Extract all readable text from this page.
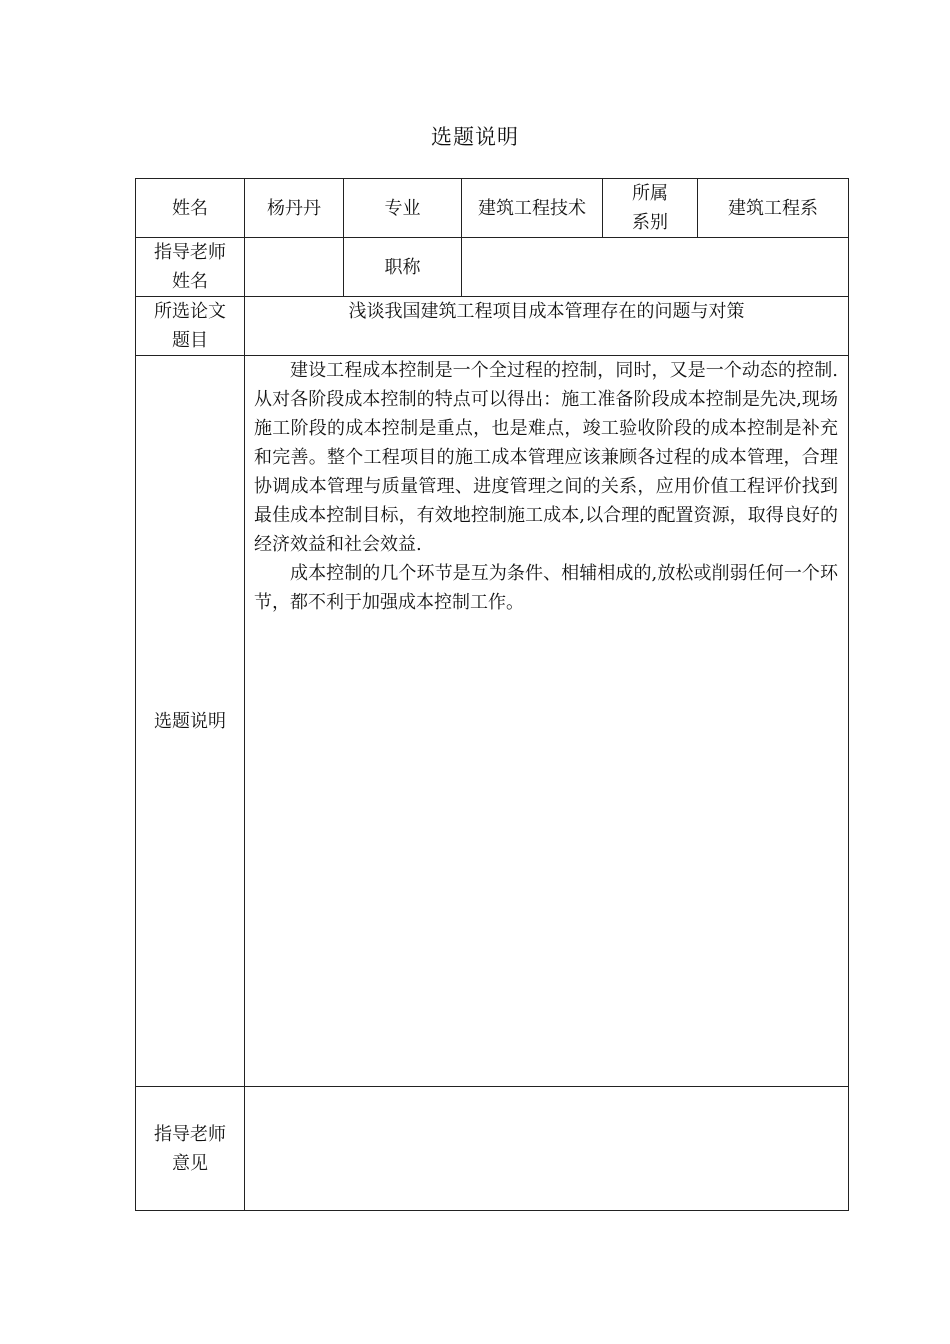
选题说明
姓名	杨丹丹	专业	建筑工程技术	所属系别	建筑工程系
指导老师姓名		职称			
所选论文题目	浅谈我国建筑工程项目成本管理存在的问题与对策				
选题说明	建设工程成本控制是一个全过程的控制，同时，又是一个动态的控制.从对各阶段成本控制的特点可以得出：施工准备阶段成本控制是先决,现场施工阶段的成本控制是重点，也是难点，竣工验收阶段的成本控制是补充和完善。整个工程项目的施工成本管理应该兼顾各过程的成本管理，合理协调成本管理与质量管理、进度管理之间的关系，应用价值工程评价找到最佳成本控制目标，有效地控制施工成本,以合理的配置资源，取得良好的经济效益和社会效益.

成本控制的几个环节是互为条件、相辅相成的,放松或削弱任何一个环节，都不利于加强成本控制工作。				

指导老师意见					
